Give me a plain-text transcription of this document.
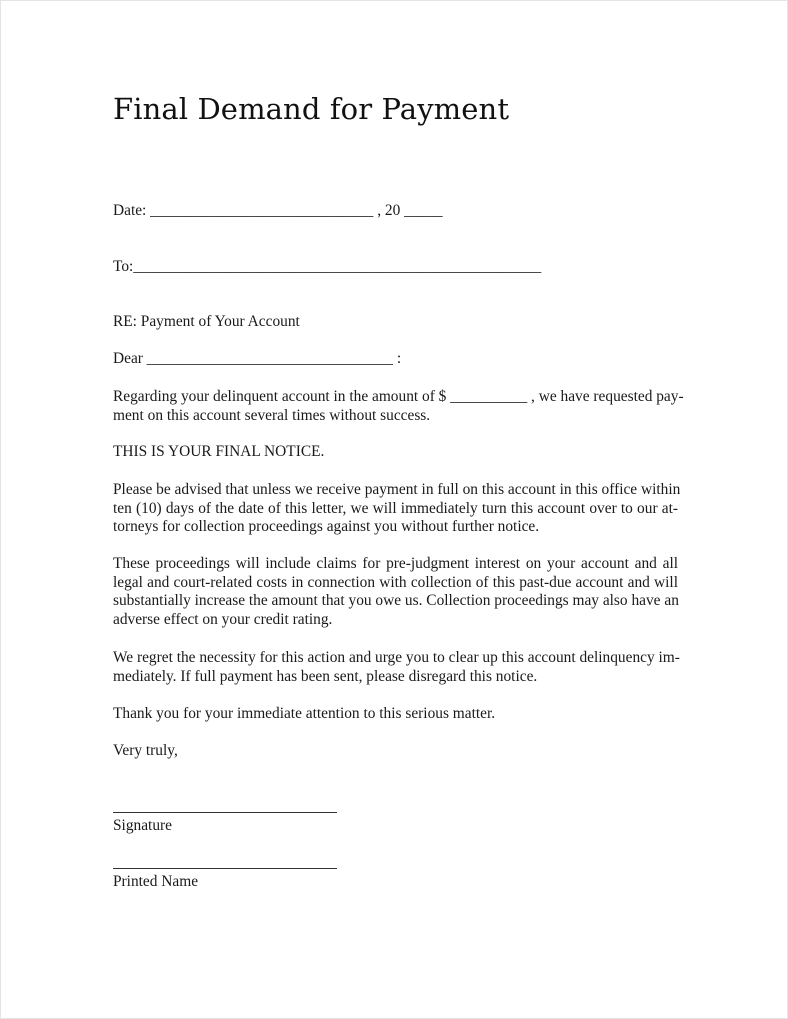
Final Demand for Payment
Date: _____________________________ , 20 _____
To:_____________________________________________________
RE: Payment of Your Account
Dear ________________________________ :
Regarding your delinquent account in the amount of $ __________ , we have requested pay-
ment on this account several times without success.
THIS IS YOUR FINAL NOTICE.
Please be advised that unless we receive payment in full on this account in this office within
ten (10) days of the date of this letter, we will immediately turn this account over to our at-
torneys for collection proceedings against you without further notice.
These proceedings will include claims for pre-judgment interest on your account and all
legal and court-related costs in connection with collection of this past-due account and will
substantially increase the amount that you owe us. Collection proceedings may also have an
adverse effect on your credit rating.
We regret the necessity for this action and urge you to clear up this account delinquency im-
mediately. If full payment has been sent, please disregard this notice.
Thank you for your immediate attention to this serious matter.
Very truly,
Signature
Printed Name
